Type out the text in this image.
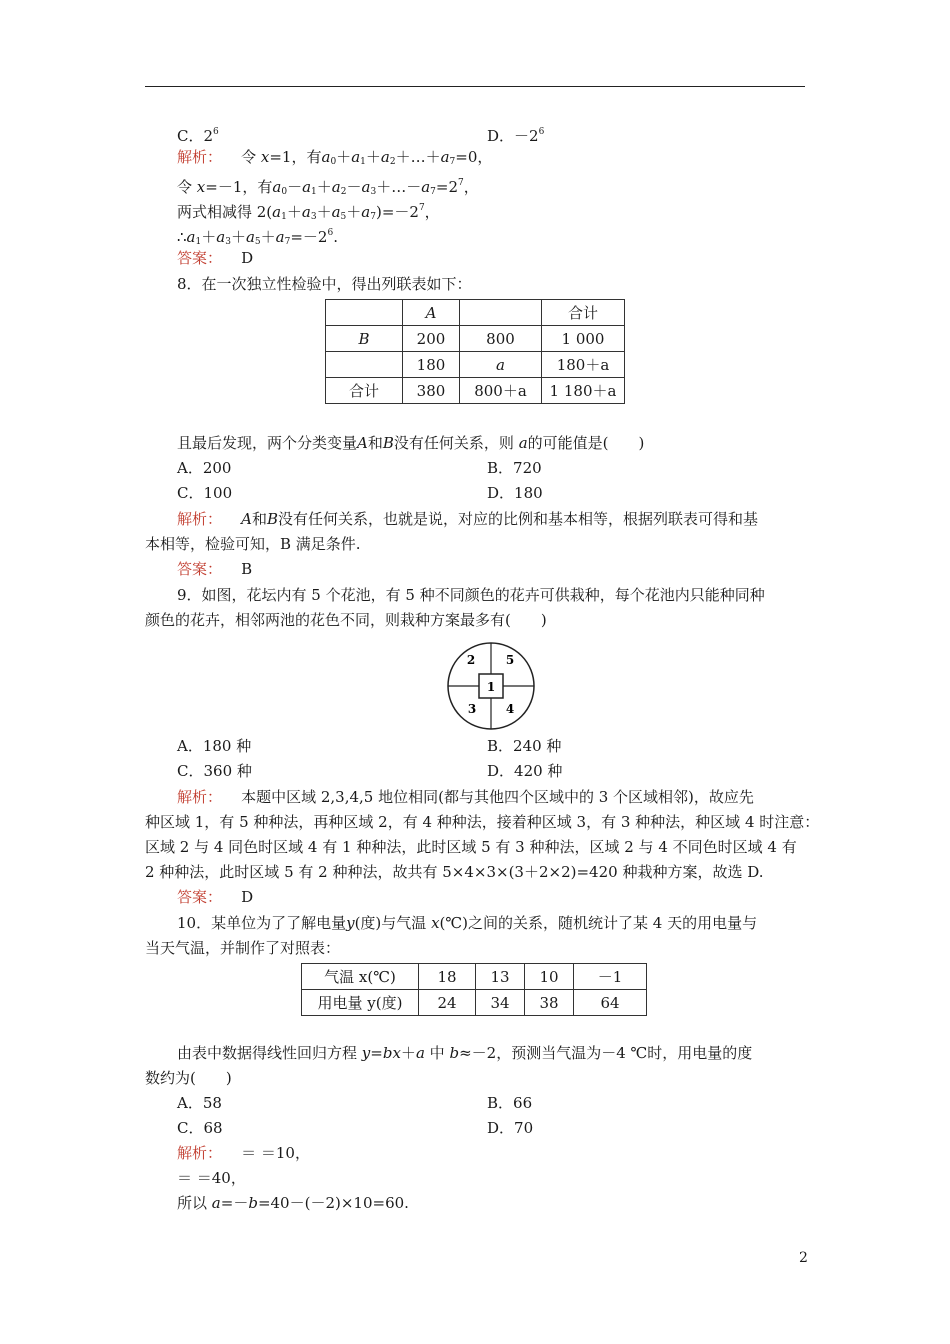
C．$2^6$	D．$-2^6$
解析： 令 x=1，有$a_0+a_1+a_2+\dots+a_7=0$，
令 x=－1，有$a_0-a_1+a_2-a_3+\dots-a_7=2^7$，
两式相减得 $2(a_1+a_3+a_5+a_7)=-2^7$，
$\therefore a_1+a_3+a_5+a_7=-2^6$.
答案： D
8．在一次独立性检验中，得出列联表如下：
	A		合计
B	200	800	1 000
	180	a	180＋a
合计	380	800＋a	1 180＋a
且最后发现，两个分类变量A和B没有任何关系，则 a的可能值是(　　)
A．200	B．720
C．100	D．180
解析： A和B没有任何关系，也就是说，对应的比例和基本相等，根据列联表可得和基
本相等，检验可知，B 满足条件.
答案： B
9．如图，花坛内有 5 个花池，有 5 种不同颜色的花卉可供栽种，每个花池内只能种同种
颜色的花卉，相邻两池的花色不同，则栽种方案最多有(　　)
1
2
3 4
5
A．180 种	B．240 种
C．360 种	D．420 种
解析： 本题中区域 2,3,4,5 地位相同(都与其他四个区域中的 3 个区域相邻)，故应先
种区域 1，有 5 种种法，再种区域 2，有 4 种种法，接着种区域 3，有 3 种种法，种区域 4 时注意：
区域 2 与 4 同色时区域 4 有 1 种种法，此时区域 5 有 3 种种法，区域 2 与 4 不同色时区域 4 有
2 种种法，此时区域 5 有 2 种种法，故共有 5×4×3×(3＋2×2)=420 种栽种方案，故选 D.
答案： D
10．某单位为了了解电量y(度)与气温 x(℃)之间的关系，随机统计了某 4 天的用电量与
当天气温，并制作了对照表：
气温 x(℃)	18	13	10	－1
用电量 y(度)	24	34	38	64
由表中数据得线性回归方程 y=bx＋a 中 b≈－2，预测当气温为－4 ℃时，用电量的度
数约为(　　)
A．58	B．66
C．68	D．70
解析： ＝ ＝10，
＝ ＝40，
所以 a=－b=40－(－2)×10=60.
2
